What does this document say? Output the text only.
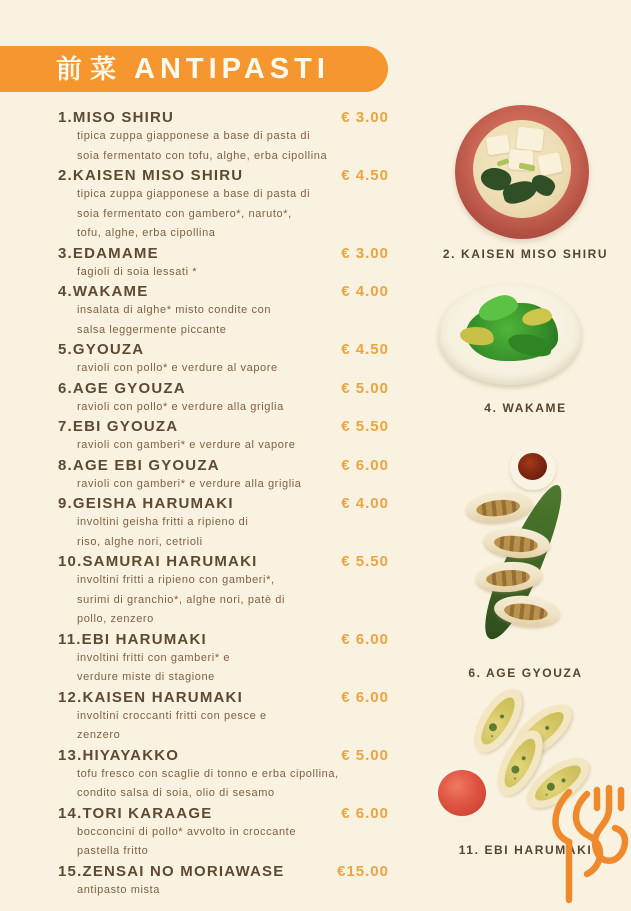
前菜 ANTIPASTI
1.MISO SHIRU	€ 3.00
tipica zuppa giapponese a base di pasta di
soia fermentato con tofu, alghe, erba cipollina
2.KAISEN MISO SHIRU	€ 4.50
tipica zuppa giapponese a base di pasta di
soia fermentato con gambero*, naruto*,
tofu, alghe, erba cipollina
3.EDAMAME	€ 3.00
fagioli di soia lessati *
4.WAKAME	€ 4.00
insalata di alghe* misto condite con
salsa leggermente piccante
5.GYOUZA	€ 4.50
ravioli con pollo* e verdure al vapore
6.AGE GYOUZA	€ 5.00
ravioli con pollo* e verdure alla griglia
7.EBI GYOUZA	€ 5.50
ravioli con gamberi* e verdure al vapore
8.AGE EBI GYOUZA	€ 6.00
ravioli con gamberi* e verdure alla griglia
9.GEISHA HARUMAKI	€ 4.00
involtini geisha fritti a ripieno di
riso, alghe nori, cetrioli
10.SAMURAI HARUMAKI	€ 5.50
involtini fritti a ripieno con gamberi*,
surimi di granchio*, alghe nori, patè di
pollo, zenzero
11.EBI HARUMAKI	€ 6.00
involtini fritti con gamberi* e
verdure miste di stagione
12.KAISEN HARUMAKI	€ 6.00
involtini croccanti fritti con pesce e
zenzero
13.HIYAYAKKO	€ 5.00
tofu fresco con scaglie di tonno e erba cipollina,
condito salsa di soia, olio di sesamo
14.TORI KARAAGE	€ 6.00
bocconcini di pollo* avvolto in croccante
pastella fritto
15.ZENSAI NO MORIAWASE	€15.00
antipasto mista
2. KAISEN MISO SHIRU
4. WAKAME
6. AGE GYOUZA
11. EBI HARUMAKI
